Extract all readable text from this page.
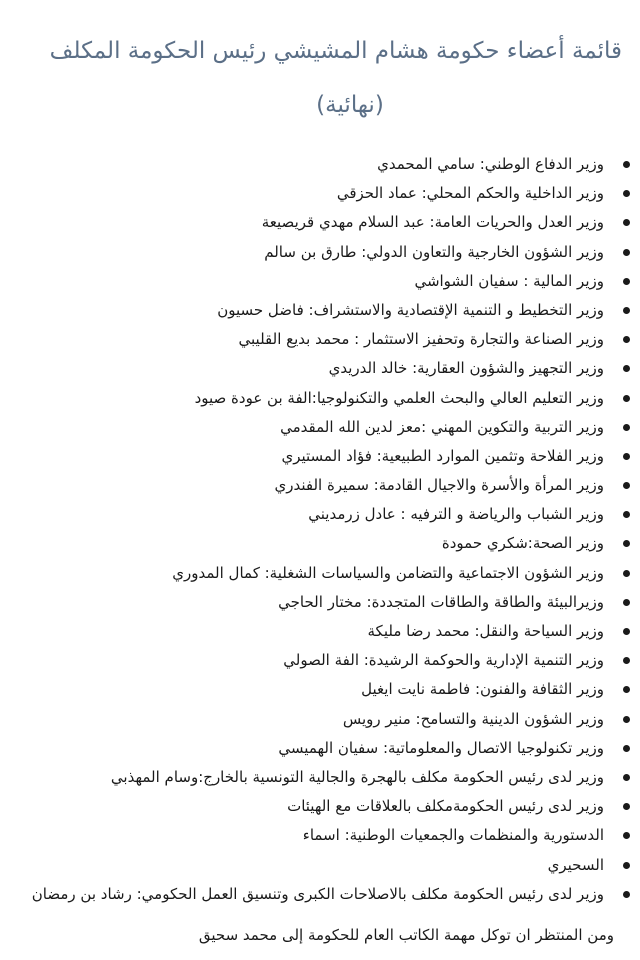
قائمة أعضاء حكومة هشام المشيشي رئيس الحكومة المكلف
(نهائية)
وزير الدفاع الوطني: سامي المحمدي
وزير الداخلية والحكم المحلي: عماد الحزقي
وزير العدل والحريات العامة: عبد السلام مهدي قريصيعة
وزير الشؤون الخارجية والتعاون الدولي: طارق بن سالم
وزير المالية : سفيان الشواشي
وزير التخطيط و التنمية الإقتصادية والاستشراف: فاضل حسيون
وزير الصناعة والتجارة وتحفيز الاستثمار : محمد بديع القليبي
وزير التجهيز والشؤون العقارية: خالد الدريدي
وزير التعليم العالي والبحث العلمي والتكنولوجيا:الفة بن عودة صيود
وزير التربية والتكوين المهني :معز لدين الله المقدمي
وزير الفلاحة وتثمين الموارد الطبيعية: فؤاد المستيري
وزير المرأة والأسرة والاجيال القادمة: سميرة الفندري
وزير الشباب والرياضة و الترفيه : عادل زرمديني
وزير الصحة:شكري حمودة
وزير الشؤون الاجتماعية والتضامن والسياسات الشغلية: كمال المدوري
وزيرالبيئة والطاقة والطاقات المتجددة: مختار الحاجي
وزير السياحة والنقل: محمد رضا مليكة
وزير التنمية الإدارية والحوكمة الرشيدة: الفة الصولي
وزير الثقافة والفنون: فاطمة نايت ايغيل
وزير الشؤون الدينية والتسامح: منير رويس
وزير تكنولوجيا الاتصال والمعلوماتية: سفيان الهميسي
وزير لدى رئيس الحكومة مكلف بالهجرة والجالية التونسية بالخارج:وسام المهذبي
وزير لدى رئيس الحكومةمكلف بالعلاقات مع الهيئات
الدستورية والمنظمات والجمعيات الوطنية: اسماء
السحيري
وزير لدى رئيس الحكومة مكلف بالاصلاحات الكبرى وتنسيق العمل الحكومي: رشاد بن رمضان
ومن المنتظر ان توكل مهمة الكاتب العام للحكومة إلى محمد سحيق
